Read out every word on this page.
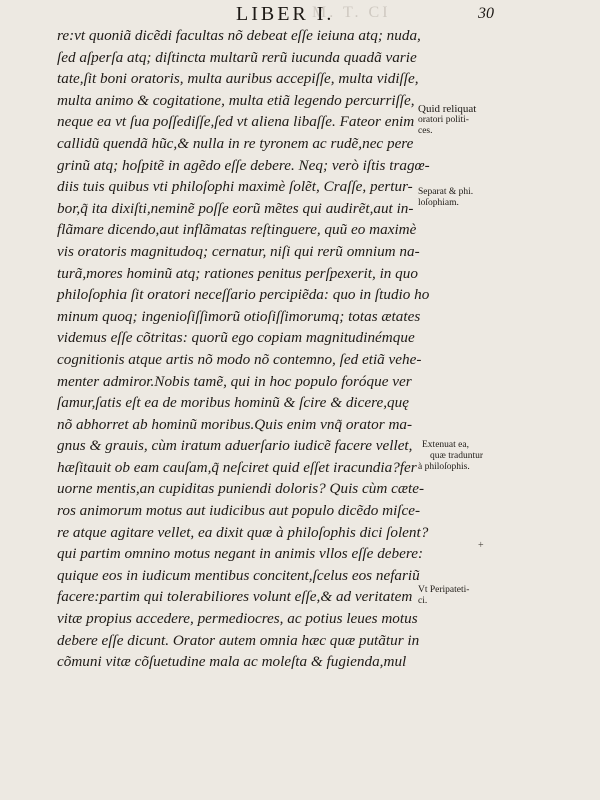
M. T. CI
LIBER I.	30
re:vt quoniã dicẽdi facultas nõ debeat eſſe ieiuna atq; nuda,
ſed aſperſa atq; diſtincta multarũ rerũ iucunda quadã varie
tate,ſit boni oratoris, multa auribus accepiſſe, multa vidiſſe,
multa animo & cogitatione, multa etiã legendo percurriſſe,
neque ea vt ſua poſſediſſe,ſed vt aliena libaſſe. Fateor enim
callidũ quendã hũc,& nulla in re tyronem ac rudẽ,nec pere
grinũ atq; hoſpitẽ in agẽdo eſſe debere. Neq; verò iſtis tragœ-
diis tuis quibus vti philoſophi maximè ſolẽt, Craſſe, pertur-
bor,q̃ ita dixiſti,neminẽ poſſe eorũ mẽtes qui audirẽt,aut in-
flãmare dicendo,aut inflãmatas reſtinguere, quũ eo maximè
vis oratoris magnitudoq; cernatur, niſi qui rerũ omnium na-
turã,mores hominũ atq; rationes penitus perſpexerit, in quo
philoſophia ſit oratori neceſſario percipiẽda: quo in ſtudio ho
minum quoq; ingenioſiſſimorũ otioſiſſimorumq; totas ætates
videmus eſſe cõtritas: quorũ ego copiam magnitudinémque
cognitionis atque artis nõ modo nõ contemno, ſed etiã vehe-
menter admiror.Nobis tamẽ, qui in hoc populo foróque ver
ſamur,ſatis eſt ea de moribus hominũ & ſcire & dicere,quę
nõ abhorret ab hominũ moribus.Quis enim vnq̃ orator ma-
gnus & grauis, cùm iratum aduerſario iudicẽ facere vellet,
hæſitauit ob eam cauſam,q̃ neſciret quid eſſet iracundia?fer
uorne mentis,an cupiditas puniendi doloris? Quis cùm cæte-
ros animorum motus aut iudicibus aut populo dicẽdo miſce-
re atque agitare vellet, ea dixit quæ à philoſophis dici ſolent?
qui partim omnino motus negant in animis vllos eſſe debere:
quique eos in iudicum mentibus concitent,ſcelus eos nefariũ
facere:partim qui tolerabiliores volunt eſſe,& ad veritatem
vitæ propius accedere, permediocres, ac potius leues motus
debere eſſe dicunt. Orator autem omnia hæc quæ putãtur in
cõmuni vitæ cõſuetudine mala ac moleſta & fugienda,mul
Quid reliquat
oratori politi-
ces.
Separat & phi.
loſophiam.
Extenuat ea,
quæ traduntur
à philoſophis.
Vt Peripateti-
ci.
+
